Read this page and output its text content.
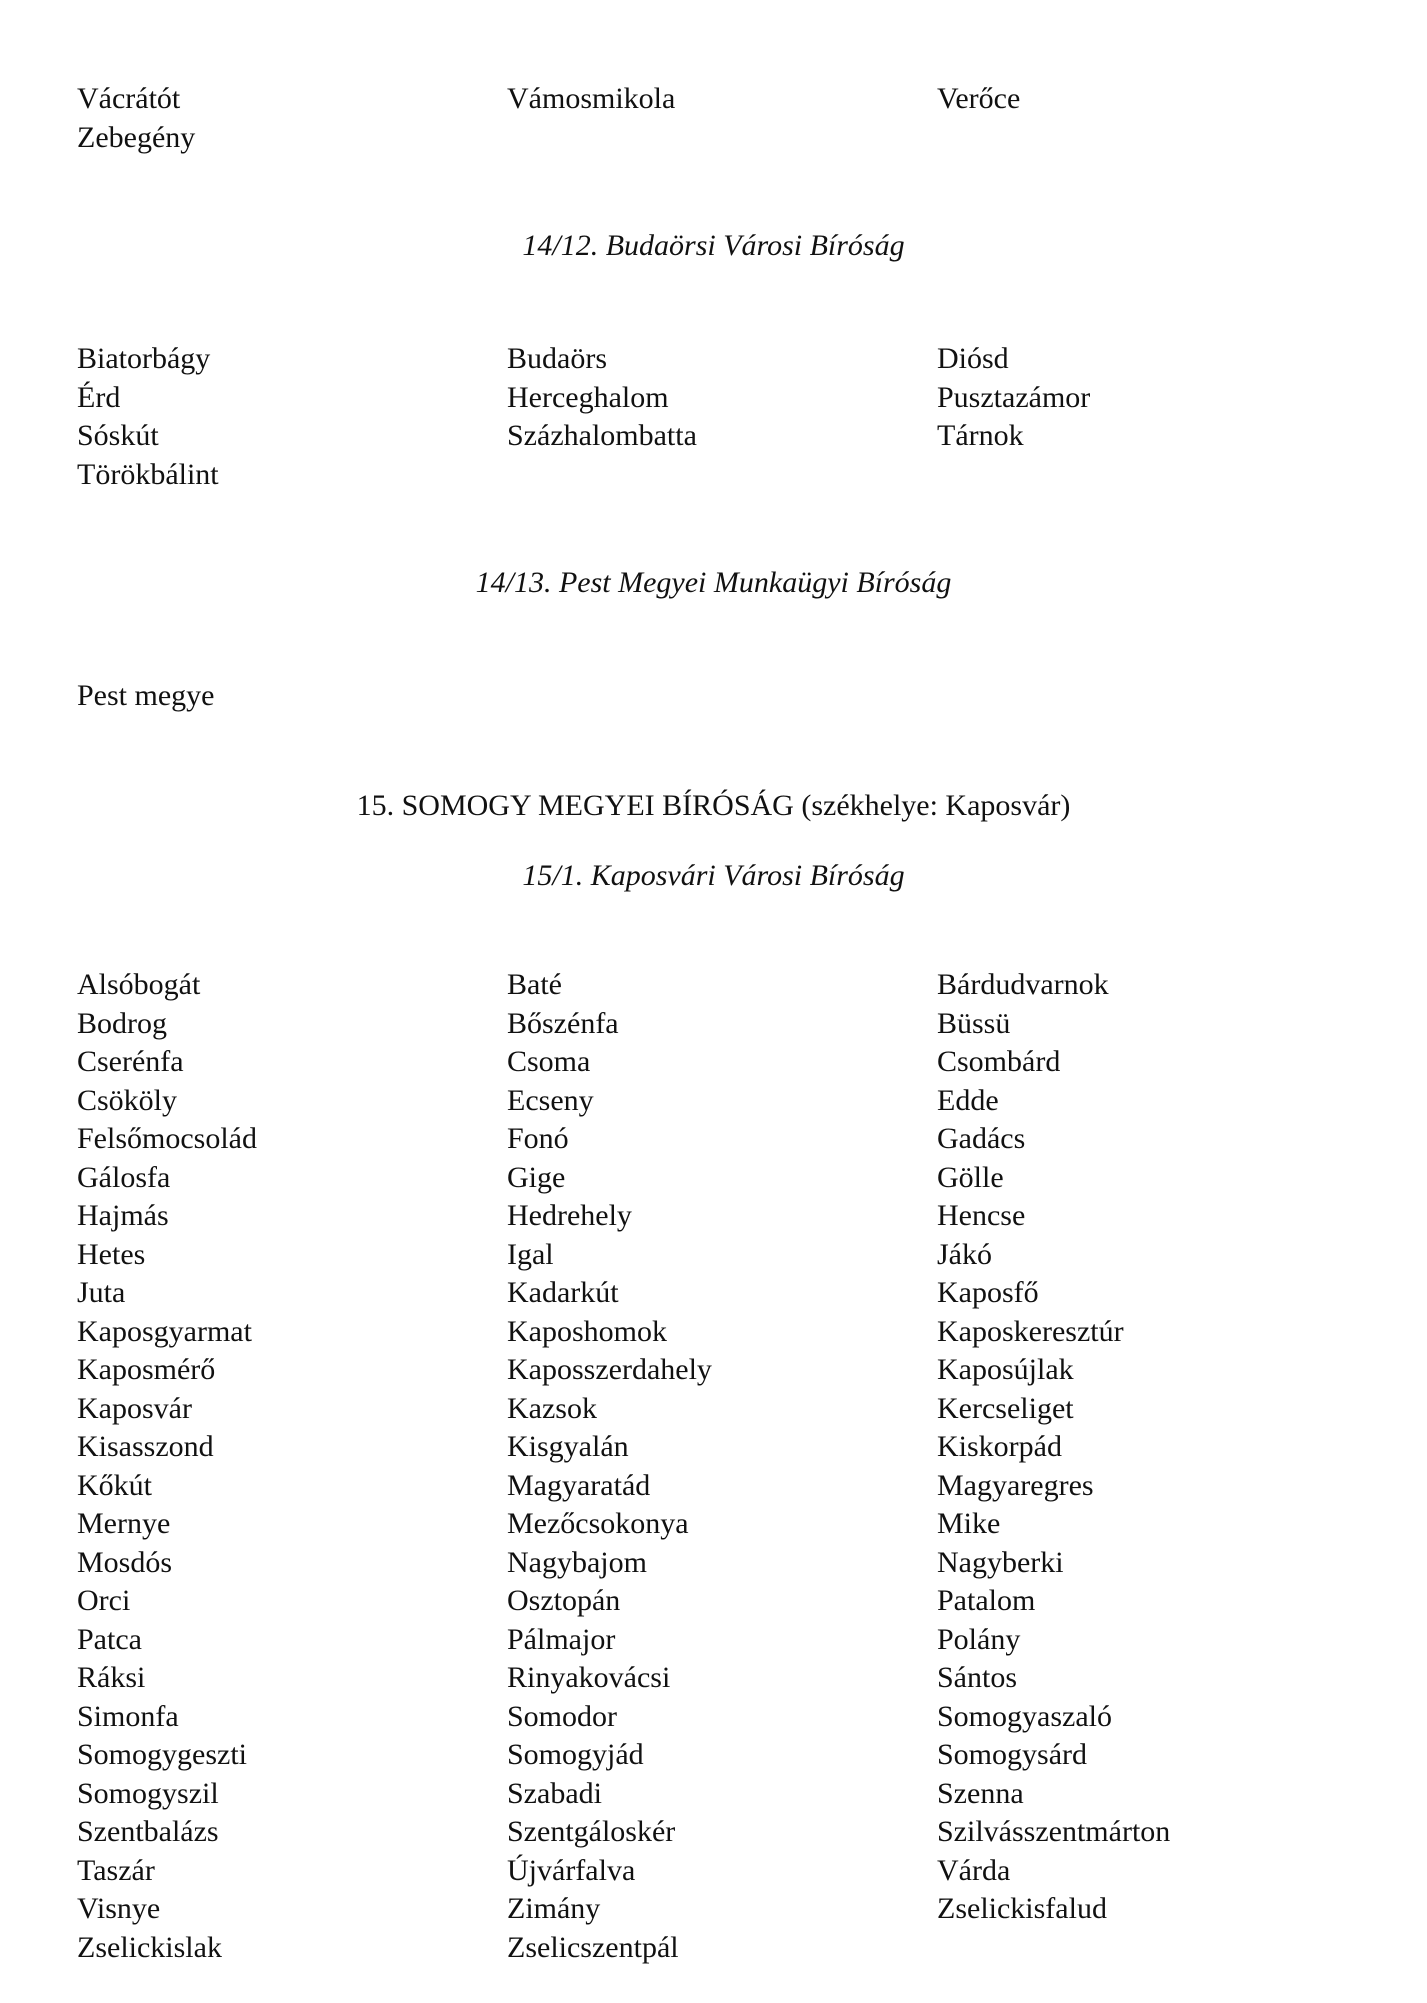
Vácrátót	Vámosmikola	Verőce
Zebegény
14/12. Budaörsi Városi Bíróság
Biatorbágy	Budaörs	Diósd
Érd	Herceghalom	Pusztazámor
Sóskút	Százhalombatta	Tárnok
Törökbálint
14/13. Pest Megyei Munkaügyi Bíróság
Pest megye
15. SOMOGY MEGYEI BÍRÓSÁG (székhelye: Kaposvár)
15/1. Kaposvári Városi Bíróság
Alsóbogát	Baté	Bárdudvarnok
Bodrog	Bőszénfa	Büssü
Cserénfa	Csoma	Csombárd
Csököly	Ecseny	Edde
Felsőmocsolád	Fonó	Gadács
Gálosfa	Gige	Gölle
Hajmás	Hedrehely	Hencse
Hetes	Igal	Jákó
Juta	Kadarkút	Kaposfő
Kaposgyarmat	Kaposhomok	Kaposkeresztúr
Kaposmérő	Kaposszerdahely	Kaposújlak
Kaposvár	Kazsok	Kercseliget
Kisasszond	Kisgyalán	Kiskorpád
Kőkút	Magyaratád	Magyaregres
Mernye	Mezőcsokonya	Mike
Mosdós	Nagybajom	Nagyberki
Orci	Osztopán	Patalom
Patca	Pálmajor	Polány
Ráksi	Rinyakovácsi	Sántos
Simonfa	Somodor	Somogyaszaló
Somogygeszti	Somogyjád	Somogysárd
Somogyszil	Szabadi	Szenna
Szentbalázs	Szentgáloskér	Szilvásszentmárton
Taszár	Újvárfalva	Várda
Visnye	Zimány	Zselickisfalud
Zselickislak	Zselicszentpál
